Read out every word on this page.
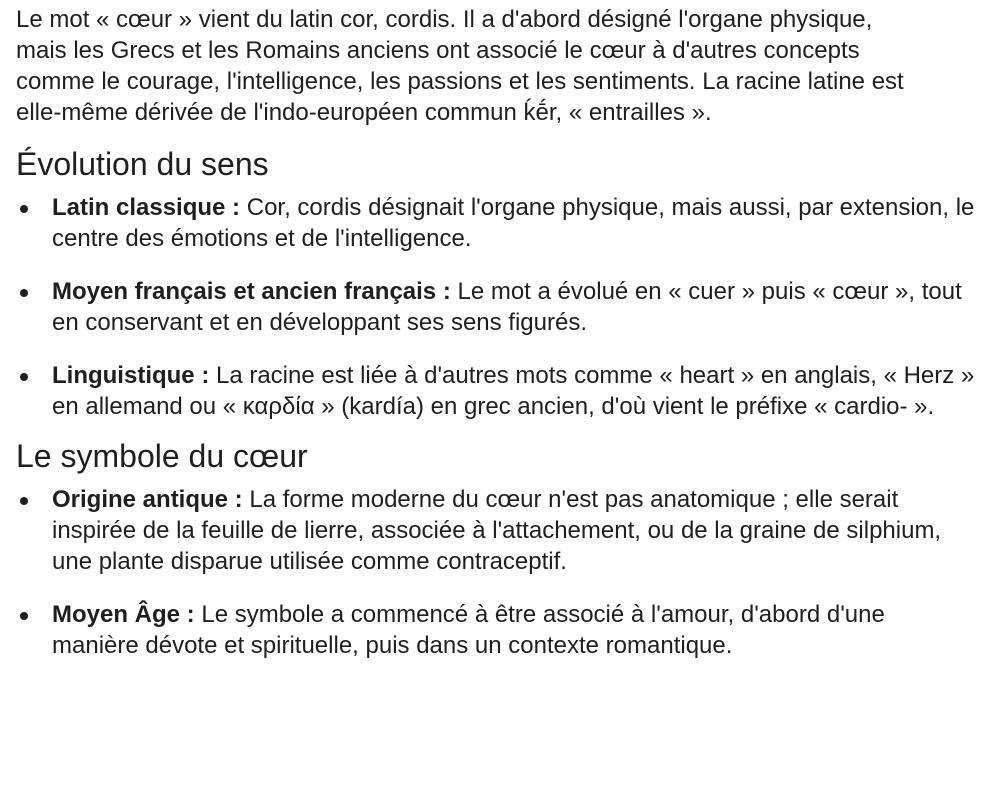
Le mot « cœur » vient du latin cor, cordis. Il a d'abord désigné l'organe physique, mais les Grecs et les Romains anciens ont associé le cœur à d'autres concepts comme le courage, l'intelligence, les passions et les sentiments. La racine latine est elle-même dérivée de l'indo-européen commun ḱḗr, « entrailles ».

Évolution du sens
Latin classique : Cor, cordis désignait l'organe physique, mais aussi, par extension, le centre des émotions et de l'intelligence.
Moyen français et ancien français : Le mot a évolué en « cuer » puis « cœur », tout en conservant et en développant ses sens figurés.
Linguistique : La racine est liée à d'autres mots comme « heart » en anglais, « Herz » en allemand ou « καρδία » (kardía) en grec ancien, d'où vient le préfixe « cardio- ».
Le symbole du cœur
Origine antique : La forme moderne du cœur n'est pas anatomique ; elle serait inspirée de la feuille de lierre, associée à l'attachement, ou de la graine de silphium, une plante disparue utilisée comme contraceptif.
Moyen Âge : Le symbole a commencé à être associé à l'amour, d'abord d'une manière dévote et spirituelle, puis dans un contexte romantique.
